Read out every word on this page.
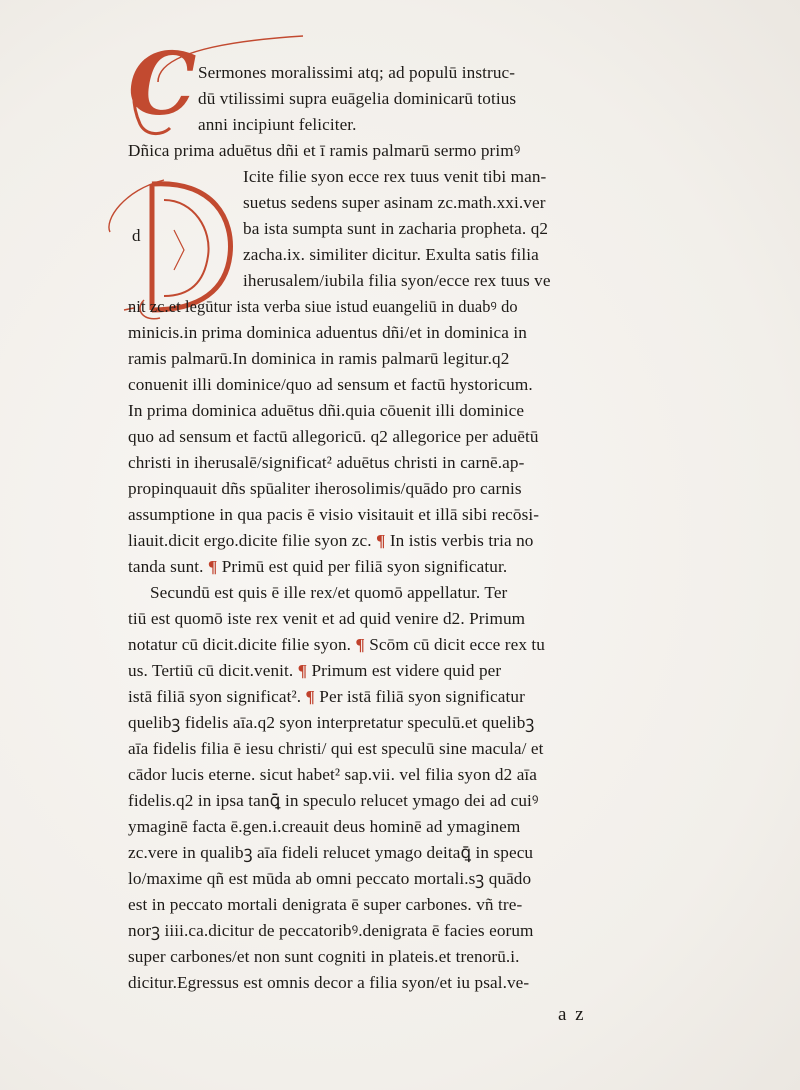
C
d
Sermones moralissimi atq; ad populū instruc-
dū vtilissimi supra euāgelia dominicarū totius
anni incipiunt feliciter.
Dñica prima aduētus dñi et ī ramis palmarū sermo primꝰ
Icite filie syon ecce rex tuus venit tibi man-
suetus sedens super asinam zc.math.xxi.ver
ba ista sumpta sunt in zacharia propheta. q2
zacha.ix. similiter dicitur. Exulta satis filia
iherusalem/iubila filia syon/ecce rex tuus ve
nit zc.et legūtur ista verba siue istud euangeliū in duabꝰ do
minicis.in prima dominica aduentus dñi/et in dominica in
ramis palmarū.In dominica in ramis palmarū legitur.q2
conuenit illi dominice/quo ad sensum et factū hystoricum.
In prima dominica aduētus dñi.quia cōuenit illi dominice
quo ad sensum et factū allegoricū. q2 allegorice per aduētū
christi in iherusalē/significat² aduētus christi in carnē.ap-
propinquauit dñs spūaliter iherosolimis/quādo pro carnis
assumptione in qua pacis ē visio visitauit et illā sibi recōsi-
liauit.dicit ergo.dicite filie syon zc. ¶ In istis verbis tria no
tanda sunt. ¶ Primū est quid per filiā syon significatur.
Secundū est quis ē ille rex/et quomō appellatur. Ter
tiū est quomō iste rex venit et ad quid venire d2. Primum
notatur cū dicit.dicite filie syon. ¶ Scōm cū dicit ecce rex tu
us. Tertiū cū dicit.venit. ¶ Primum est videre quid per
istā filiā syon significat². ¶ Per istā filiā syon significatur
quelibꝫ fidelis aīa.q2 syon interpretatur speculū.et quelibꝫ
aīa fidelis filia ē iesu christi/ qui est speculū sine macula/ et
cādor lucis eterne. sicut habet² sap.vii. vel filia syon d2 aīa
fidelis.q2 in ipsa tanꝗ̄ in speculo relucet ymago dei ad cuiꝰ
ymaginē facta ē.gen.i.creauit deus hominē ad ymaginem
zc.vere in qualibꝫ aīa fideli relucet ymago deitaꝗ̄ in specu
lo/maxime qñ est mūda ab omni peccato mortali.sꝫ quādo
est in peccato mortali denigrata ē super carbones. vñ tre-
norꝫ iiii.ca.dicitur de peccatoribꝰ.denigrata ē facies eorum
super carbones/et non sunt cogniti in plateis.et trenorū.i.
dicitur.Egressus est omnis decor a filia syon/et iu psal.ve-
a z
